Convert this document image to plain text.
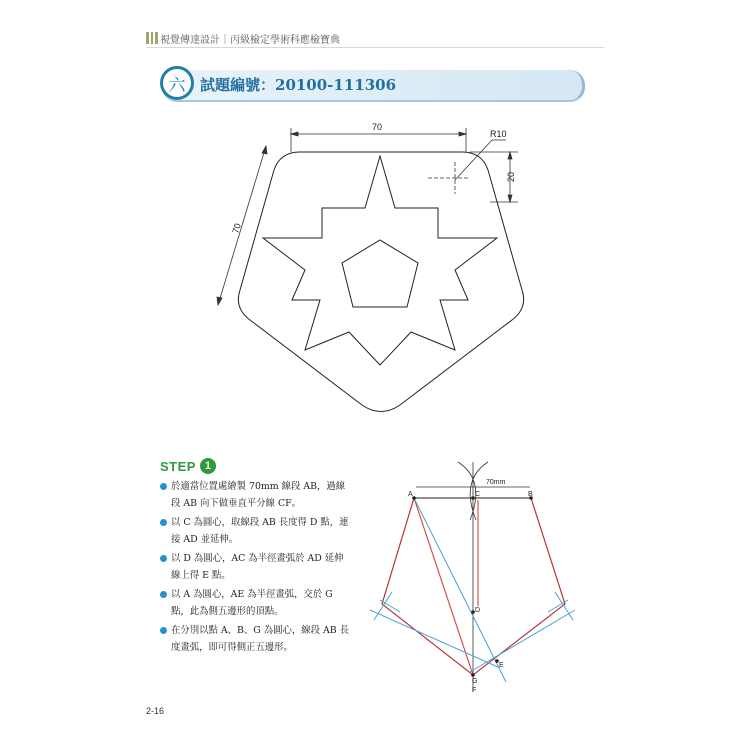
視覺傳達設計｜丙級檢定學術科應檢寶典
六 試題編號：20100-111306
70
R10
20
70
70mm
A	B
C
D
E
G
F
STEP 1
於適當位置處繪製 70mm 線段 AB，過線段 AB 向下做垂直平分線 CF。
以 C 為圓心，取線段 AB 長度得 D 點，連接 AD 並延伸。
以 D 為圓心，AC 為半徑畫弧於 AD 延伸線上得 E 點。
以 A 為圓心，AE 為半徑畫弧，交於 G 點，此為側五邊形的頂點。
在分別以點 A、B、G 為圓心，線段 AB 長度畫弧，即可得側正五邊形。
2-16
